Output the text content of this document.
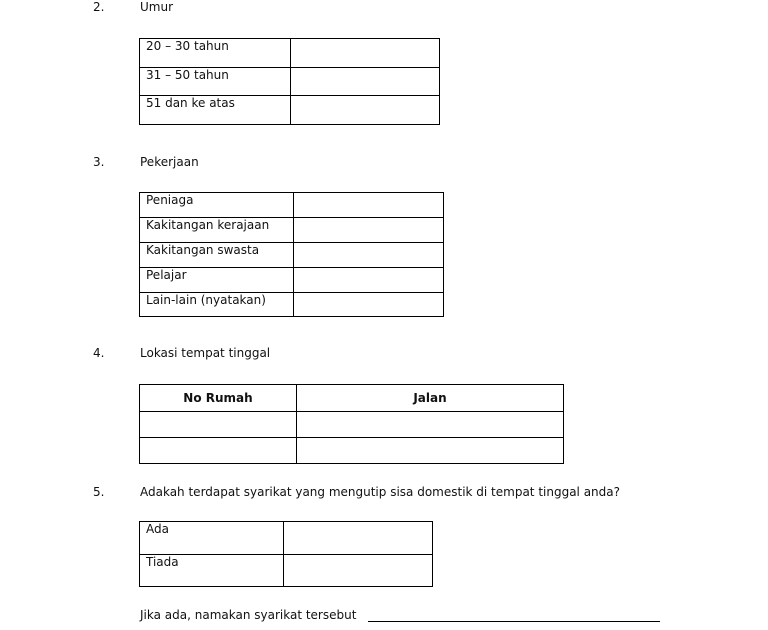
2.	Umur
20 – 30 tahun	
31 – 50 tahun	
51 dan ke atas	
3.	Pekerjaan
Peniaga	
Kakitangan kerajaan	
Kakitangan swasta	
Pelajar	
Lain-lain (nyatakan)	
4.	Lokasi tempat tinggal
No Rumah	Jalan

5.	Adakah terdapat syarikat yang mengutip sisa domestik di tempat tinggal anda?
Ada	
Tiada	
Jika ada, namakan syarikat tersebut
